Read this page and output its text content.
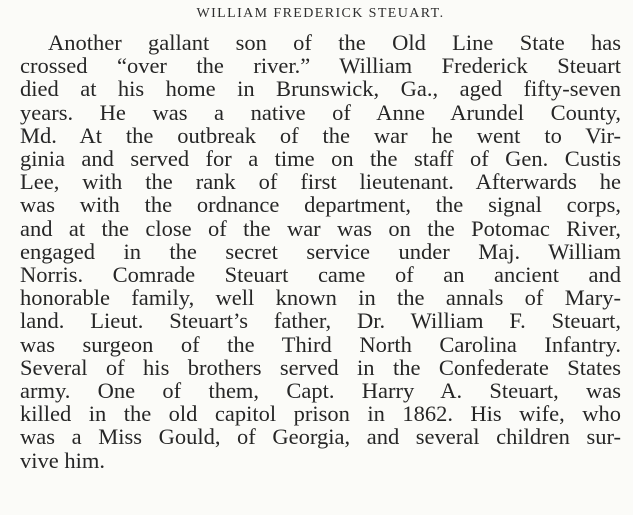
WILLIAM FREDERICK STEUART.
Another gallant son of the Old Line State has
crossed “over the river.” William Frederick Steuart
died at his home in Brunswick, Ga., aged fifty-seven
years. He was a native of Anne Arundel County,
Md. At the outbreak of the war he went to Vir-
ginia and served for a time on the staff of Gen. Custis
Lee, with the rank of first lieutenant. Afterwards he
was with the ordnance department, the signal corps,
and at the close of the war was on the Potomac River,
engaged in the secret service under Maj. William
Norris. Comrade Steuart came of an ancient and
honorable family, well known in the annals of Mary-
land. Lieut. Steuart’s father, Dr. William F. Steuart,
was surgeon of the Third North Carolina Infantry.
Several of his brothers served in the Confederate States
army. One of them, Capt. Harry A. Steuart, was
killed in the old capitol prison in 1862. His wife, who
was a Miss Gould, of Georgia, and several children sur-
vive him.
